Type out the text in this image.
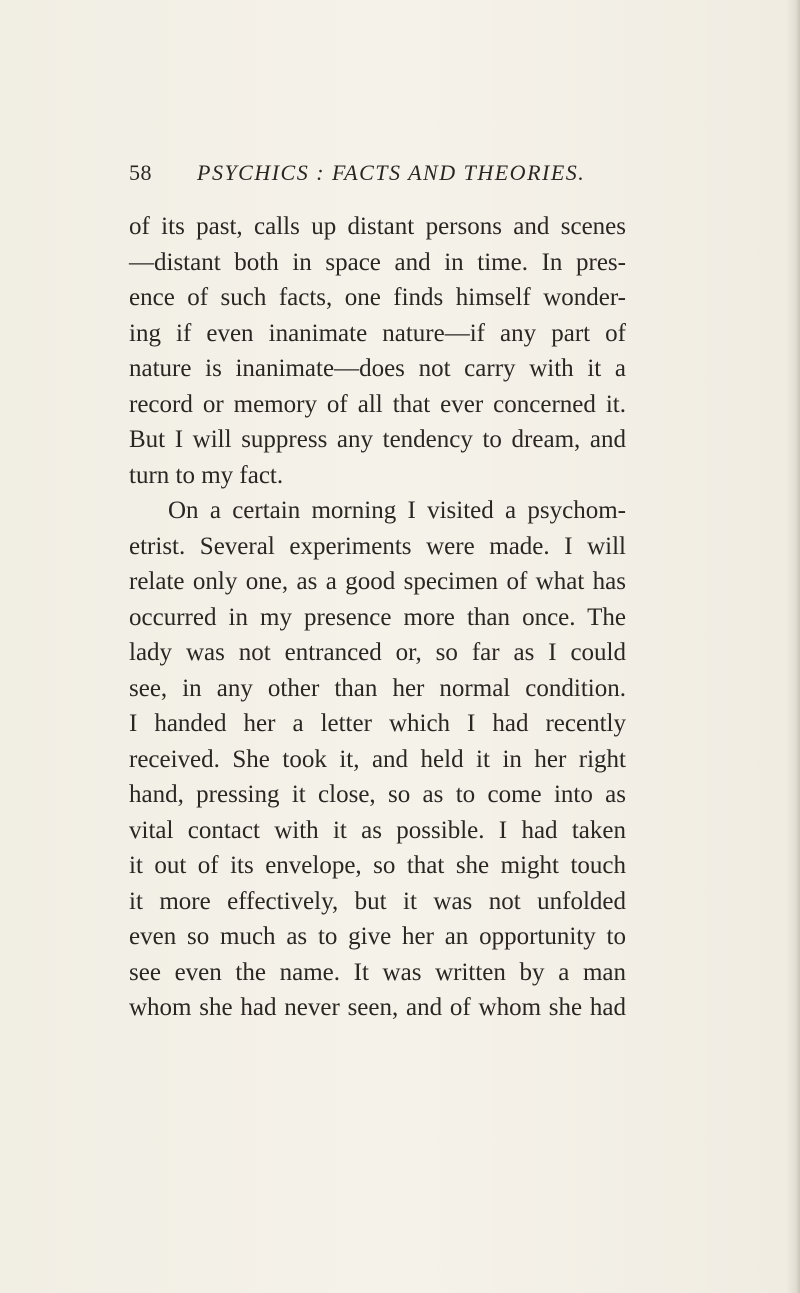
58 PSYCHICS : FACTS AND THEORIES.
of its past, calls up distant persons and scenes
—distant both in space and in time. In pres-
ence of such facts, one finds himself wonder-
ing if even inanimate nature—if any part of
nature is inanimate—does not carry with it a
record or memory of all that ever concerned it.
But I will suppress any tendency to dream, and
turn to my fact.
On a certain morning I visited a psychom-
etrist. Several experiments were made. I will
relate only one, as a good specimen of what has
occurred in my presence more than once. The
lady was not entranced or, so far as I could
see, in any other than her normal condition.
I handed her a letter which I had recently
received. She took it, and held it in her right
hand, pressing it close, so as to come into as
vital contact with it as possible. I had taken
it out of its envelope, so that she might touch
it more effectively, but it was not unfolded
even so much as to give her an opportunity to
see even the name. It was written by a man
whom she had never seen, and of whom she had
